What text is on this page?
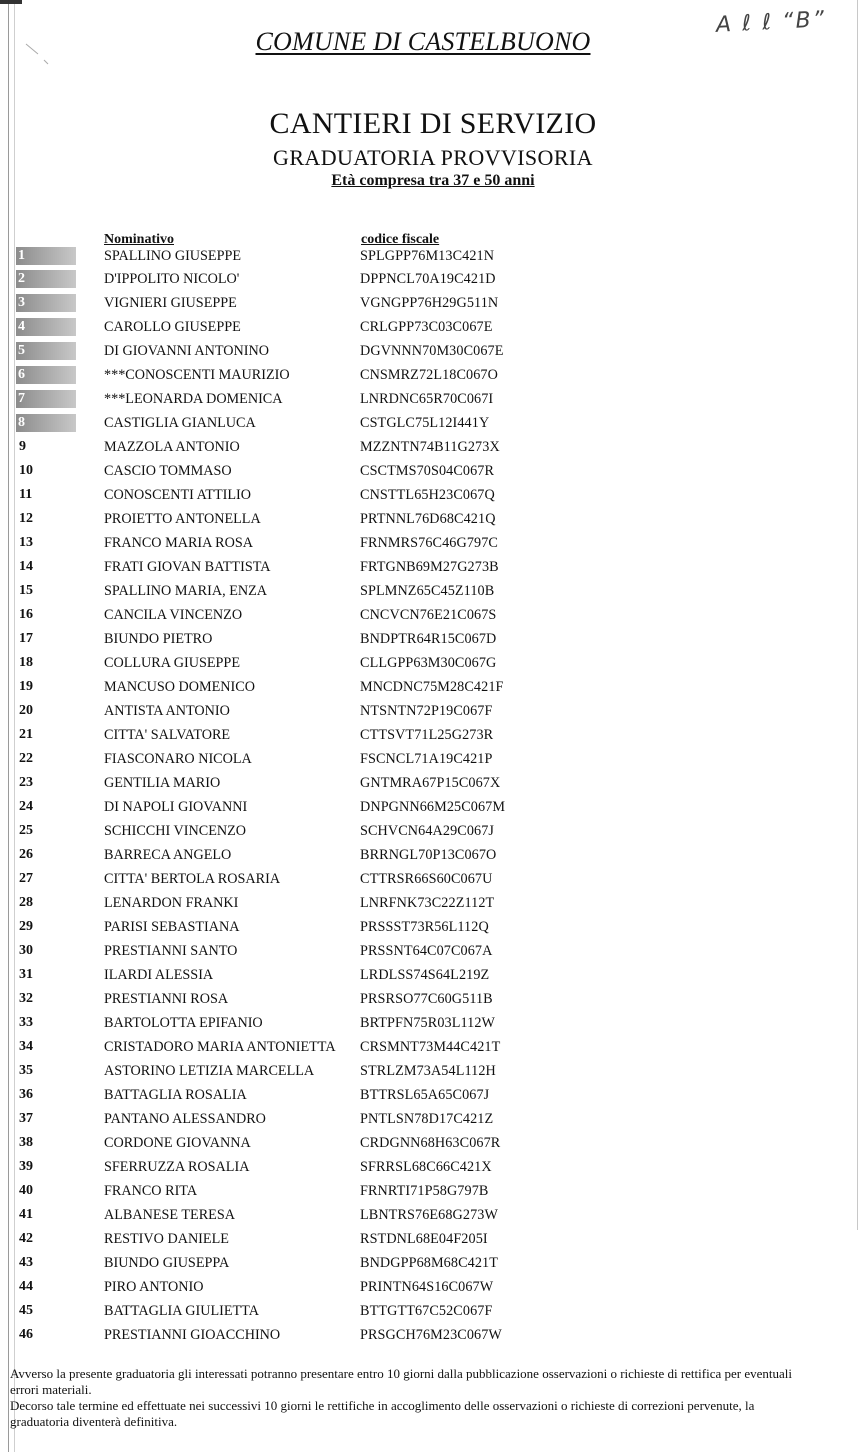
COMUNE DI CASTELBUONO
A ℓ ℓ “B”
CANTIERI DI SERVIZIO
GRADUATORIA PROVVISORIA
Età compresa tra 37 e 50 anni
Nominativo	codice fiscale
1	SPALLINO GIUSEPPE	SPLGPP76M13C421N
2	D'IPPOLITO NICOLO'	DPPNCL70A19C421D
3	VIGNIERI GIUSEPPE	VGNGPP76H29G511N
4	CAROLLO GIUSEPPE	CRLGPP73C03C067E
5	DI GIOVANNI ANTONINO	DGVNNN70M30C067E
6	***CONOSCENTI MAURIZIO	CNSMRZ72L18C067O
7	***LEONARDA DOMENICA	LNRDNC65R70C067I
8	CASTIGLIA GIANLUCA	CSTGLC75L12I441Y
9	MAZZOLA ANTONIO	MZZNTN74B11G273X
10	CASCIO TOMMASO	CSCTMS70S04C067R
11	CONOSCENTI ATTILIO	CNSTTL65H23C067Q
12	PROIETTO ANTONELLA	PRTNNL76D68C421Q
13	FRANCO MARIA ROSA	FRNMRS76C46G797C
14	FRATI GIOVAN BATTISTA	FRTGNB69M27G273B
15	SPALLINO MARIA, ENZA	SPLMNZ65C45Z110B
16	CANCILA VINCENZO	CNCVCN76E21C067S
17	BIUNDO PIETRO	BNDPTR64R15C067D
18	COLLURA GIUSEPPE	CLLGPP63M30C067G
19	MANCUSO DOMENICO	MNCDNC75M28C421F
20	ANTISTA ANTONIO	NTSNTN72P19C067F
21	CITTA' SALVATORE	CTTSVT71L25G273R
22	FIASCONARO NICOLA	FSCNCL71A19C421P
23	GENTILIA MARIO	GNTMRA67P15C067X
24	DI NAPOLI GIOVANNI	DNPGNN66M25C067M
25	SCHICCHI VINCENZO	SCHVCN64A29C067J
26	BARRECA ANGELO	BRRNGL70P13C067O
27	CITTA' BERTOLA ROSARIA	CTTRSR66S60C067U
28	LENARDON FRANKI	LNRFNK73C22Z112T
29	PARISI SEBASTIANA	PRSSST73R56L112Q
30	PRESTIANNI SANTO	PRSSNT64C07C067A
31	ILARDI ALESSIA	LRDLSS74S64L219Z
32	PRESTIANNI ROSA	PRSRSO77C60G511B
33	BARTOLOTTA EPIFANIO	BRTPFN75R03L112W
34	CRISTADORO MARIA ANTONIETTA CRSMNT73M44C421T
35	ASTORINO LETIZIA MARCELLA	STRLZM73A54L112H
36	BATTAGLIA ROSALIA	BTTRSL65A65C067J
37	PANTANO ALESSANDRO	PNTLSN78D17C421Z
38	CORDONE GIOVANNA	CRDGNN68H63C067R
39	SFERRUZZA ROSALIA	SFRRSL68C66C421X
40	FRANCO RITA	FRNRTI71P58G797B
41	ALBANESE TERESA	LBNTRS76E68G273W
42	RESTIVO DANIELE	RSTDNL68E04F205I
43	BIUNDO GIUSEPPA	BNDGPP68M68C421T
44	PIRO ANTONIO	PRINTN64S16C067W
45	BATTAGLIA GIULIETTA	BTTGTT67C52C067F
46	PRESTIANNI GIOACCHINO	PRSGCH76M23C067W

Avverso la presente graduatoria gli interessati potranno presentare entro 10 giorni dalla pubblicazione osservazioni o richieste di rettifica per eventuali errori materiali.

Decorso tale termine ed effettuate nei successivi 10 giorni le rettifiche in accoglimento delle osservazioni o richieste di correzioni pervenute, la graduatoria diventerà definitiva.
